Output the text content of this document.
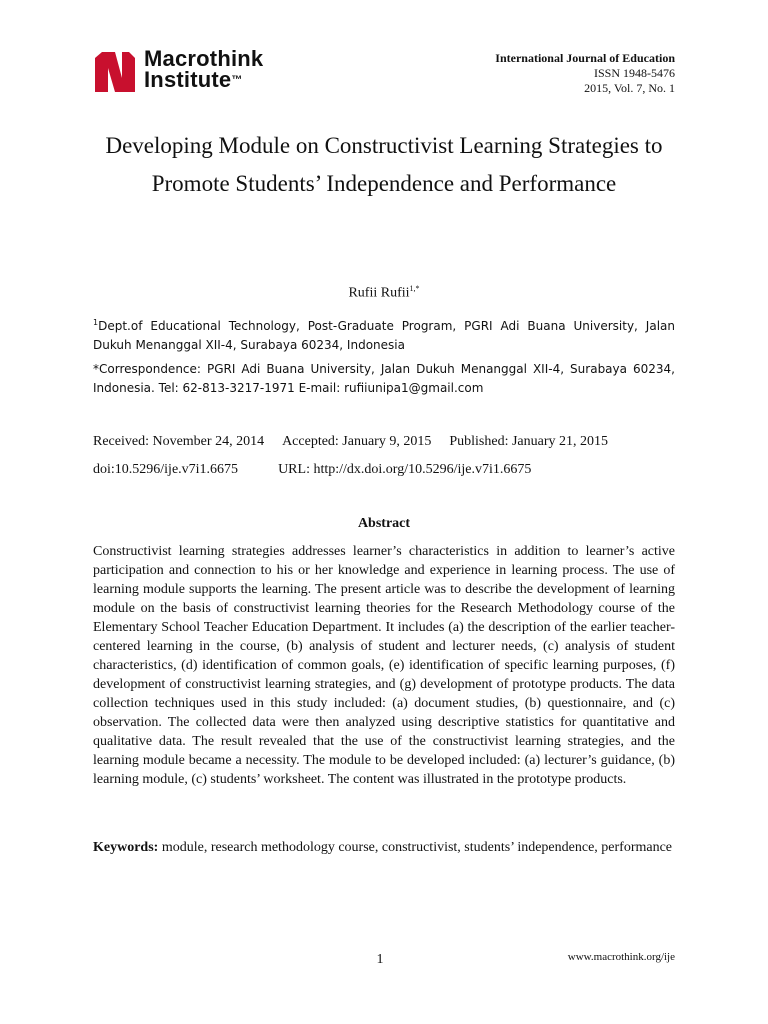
Macrothink
Institute™
International Journal of Education
ISSN 1948-5476
2015, Vol. 7, No. 1
Developing Module on Constructivist Learning Strategies to Promote Students’ Independence and Performance
Rufii Rufii$^{1,*}$
$^1$Dept.of Educational Technology, Post-Graduate Program, PGRI Adi Buana University, Jalan Dukuh Menanggal XII-4, Surabaya 60234, Indonesia
*Correspondence: PGRI Adi Buana University, Jalan Dukuh Menanggal XII-4, Surabaya 60234, Indonesia. Tel: 62-813-3217-1971 E-mail: rufiiunipa1@gmail.com
Received: November 24, 2014 Accepted: January 9, 2015 Published: January 21, 2015
doi:10.5296/ije.v7i1.6675	URL: http://dx.doi.org/10.5296/ije.v7i1.6675
Abstract
Constructivist learning strategies addresses learner’s characteristics in addition to learner’s active participation and connection to his or her knowledge and experience in learning process. The use of learning module supports the learning. The present article was to describe the development of learning module on the basis of constructivist learning theories for the Research Methodology course of the Elementary School Teacher Education Department. It includes (a) the description of the earlier teacher-centered learning in the course, (b) analysis of student and lecturer needs, (c) analysis of student characteristics, (d) identification of common goals, (e) identification of specific learning purposes, (f) development of constructivist learning strategies, and (g) development of prototype products. The data collection techniques used in this study included: (a) document studies, (b) questionnaire, and (c) observation. The collected data were then analyzed using descriptive statistics for quantitative and qualitative data. The result revealed that the use of the constructivist learning strategies, and the learning module became a necessity. The module to be developed included: (a) lecturer’s guidance, (b) learning module, (c) students’ worksheet. The content was illustrated in the prototype products.
Keywords: module, research methodology course, constructivist, students’ independence, performance
1	www.macrothink.org/ije
